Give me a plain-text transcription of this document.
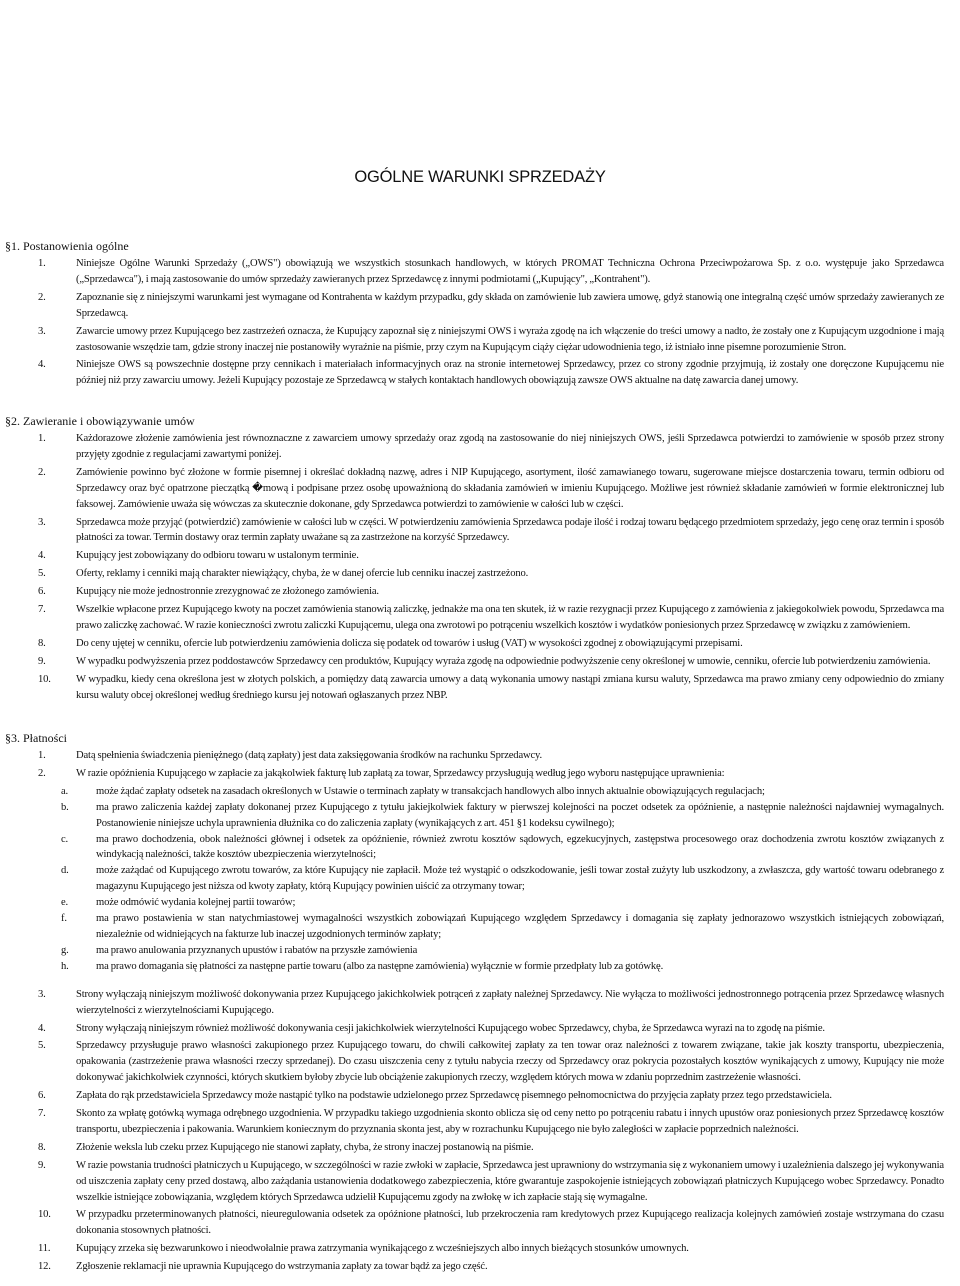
OGÓLNE WARUNKI SPRZEDAŻY
§1. Postanowienia ogólne
1.	Niniejsze Ogólne Warunki Sprzedaży („OWS") obowiązują we wszystkich stosunkach handlowych, w których PROMAT Techniczna Ochrona Przeciwpożarowa Sp. z o.o. występuje jako Sprzedawca („Sprzedawca"), i mają zastosowanie do umów sprzedaży zawieranych przez Sprzedawcę z innymi podmiotami („Kupujący", „Kontrahent").
2.	Zapoznanie się z niniejszymi warunkami jest wymagane od Kontrahenta w każdym przypadku, gdy składa on zamówienie lub zawiera umowę, gdyż stanowią one integralną część umów sprzedaży zawieranych ze Sprzedawcą.
3.	Zawarcie umowy przez Kupującego bez zastrzeżeń oznacza, że Kupujący zapoznał się z niniejszymi OWS i wyraża zgodę na ich włączenie do treści umowy a nadto, że zostały one z Kupującym uzgodnione i mają zastosowanie wszędzie tam, gdzie strony inaczej nie postanowiły wyraźnie na piśmie, przy czym na Kupującym ciąży ciężar udowodnienia tego, iż istniało inne pisemne porozumienie Stron.
4.	Niniejsze OWS są powszechnie dostępne przy cennikach i materiałach informacyjnych oraz na stronie internetowej Sprzedawcy, przez co strony zgodnie przyjmują, iż zostały one doręczone Kupującemu nie później niż przy zawarciu umowy. Jeżeli Kupujący pozostaje ze Sprzedawcą w stałych kontaktach handlowych obowiązują zawsze OWS aktualne na datę zawarcia danej umowy.
§2. Zawieranie i obowiązywanie umów
1.	Każdorazowe złożenie zamówienia jest równoznaczne z zawarciem umowy sprzedaży oraz zgodą na zastosowanie do niej niniejszych OWS, jeśli Sprzedawca potwierdzi to zamówienie w sposób przez strony przyjęty zgodnie z regulacjami zawartymi poniżej.
2.	Zamówienie powinno być złożone w formie pisemnej i określać dokładną nazwę, adres i NIP Kupującego, asortyment, ilość zamawianego towaru, sugerowane miejsce dostarczenia towaru, termin odbioru od Sprzedawcy oraz być opatrzone pieczątką �mową i podpisane przez osobę upoważnioną do składania zamówień w imieniu Kupującego. Możliwe jest również składanie zamówień w formie elektronicznej lub faksowej. Zamówienie uważa się wówczas za skutecznie dokonane, gdy Sprzedawca potwierdzi to zamówienie w całości lub w części.
3.	Sprzedawca może przyjąć (potwierdzić) zamówienie w całości lub w części. W potwierdzeniu zamówienia Sprzedawca podaje ilość i rodzaj towaru będącego przedmiotem sprzedaży, jego cenę oraz termin i sposób płatności za towar. Termin dostawy oraz termin zapłaty uważane są za zastrzeżone na korzyść Sprzedawcy.
4.	Kupujący jest zobowiązany do odbioru towaru w ustalonym terminie.
5.	Oferty, reklamy i cenniki mają charakter niewiążący, chyba, że w danej ofercie lub cenniku inaczej zastrzeżono.
6.	Kupujący nie może jednostronnie zrezygnować ze złożonego zamówienia.
7.	Wszelkie wpłacone przez Kupującego kwoty na poczet zamówienia stanowią zaliczkę, jednakże ma ona ten skutek, iż w razie rezygnacji przez Kupującego z zamówienia z jakiegokolwiek powodu, Sprzedawca ma prawo zaliczkę zachować. W razie konieczności zwrotu zaliczki Kupującemu, ulega ona zwrotowi po potrąceniu wszelkich kosztów i wydatków poniesionych przez Sprzedawcę w związku z zamówieniem.
8.	Do ceny ujętej w cenniku, ofercie lub potwierdzeniu zamówienia dolicza się podatek od towarów i usług (VAT) w wysokości zgodnej z obowiązującymi przepisami.
9.	W wypadku podwyższenia przez poddostawców Sprzedawcy cen produktów, Kupujący wyraża zgodę na odpowiednie podwyższenie ceny określonej w umowie, cenniku, ofercie lub potwierdzeniu zamówienia.
10. W wypadku, kiedy cena określona jest w złotych polskich, a pomiędzy datą zawarcia umowy a datą wykonania umowy nastąpi zmiana kursu waluty, Sprzedawca ma prawo zmiany ceny odpowiednio do zmiany kursu waluty obcej określonej według średniego kursu jej notowań ogłaszanych przez NBP.
§3. Płatności
1.	Datą spełnienia świadczenia pieniężnego (datą zapłaty) jest data zaksięgowania środków na rachunku Sprzedawcy.
2.	W razie opóźnienia Kupującego w zapłacie za jakąkolwiek fakturę lub zapłatą za towar, Sprzedawcy przysługują według jego wyboru następujące uprawnienia:
a.	może żądać zapłaty odsetek na zasadach określonych w Ustawie o terminach zapłaty w transakcjach handlowych albo innych aktualnie obowiązujących regulacjach;
b.	ma prawo zaliczenia każdej zapłaty dokonanej przez Kupującego z tytułu jakiejkolwiek faktury w pierwszej kolejności na poczet odsetek za opóźnienie, a następnie należności najdawniej wymagalnych. Postanowienie niniejsze uchyla uprawnienia dłużnika co do zaliczenia zapłaty (wynikających z art. 451 §1 kodeksu cywilnego);
c.	ma prawo dochodzenia, obok należności głównej i odsetek za opóźnienie, również zwrotu kosztów sądowych, egzekucyjnych, zastępstwa procesowego oraz dochodzenia zwrotu kosztów związanych z windykacją należności, także kosztów ubezpieczenia wierzytelności;
d.	może zażądać od Kupującego zwrotu towarów, za które Kupujący nie zapłacił. Może też wystąpić o odszkodowanie, jeśli towar został zużyty lub uszkodzony, a zwłaszcza, gdy wartość towaru odebranego z magazynu Kupującego jest niższa od kwoty zapłaty, którą Kupujący powinien uiścić za otrzymany towar;
e.	może odmówić wydania kolejnej partii towarów;
f.	ma prawo postawienia w stan natychmiastowej wymagalności wszystkich zobowiązań Kupującego względem Sprzedawcy i domagania się zapłaty jednorazowo wszystkich istniejących zobowiązań, niezależnie od widniejących na fakturze lub inaczej uzgodnionych terminów zapłaty;
g.	ma prawo anulowania przyznanych upustów i rabatów na przyszłe zamówienia
h.	ma prawo domagania się płatności za następne partie towaru (albo za następne zamówienia) wyłącznie w formie przedpłaty lub za gotówkę.
3.	Strony wyłączają niniejszym możliwość dokonywania przez Kupującego jakichkolwiek potrąceń z zapłaty należnej Sprzedawcy. Nie wyłącza to możliwości jednostronnego potrącenia przez Sprzedawcę własnych wierzytelności z wierzytelnościami Kupującego.
4.	Strony wyłączają niniejszym również możliwość dokonywania cesji jakichkolwiek wierzytelności Kupującego wobec Sprzedawcy, chyba, że Sprzedawca wyrazi na to zgodę na piśmie.
5.	Sprzedawcy przysługuje prawo własności zakupionego przez Kupującego towaru, do chwili całkowitej zapłaty za ten towar oraz należności z towarem związane, takie jak koszty transportu, ubezpieczenia, opakowania (zastrzeżenie prawa własności rzeczy sprzedanej). Do czasu uiszczenia ceny z tytułu nabycia rzeczy od Sprzedawcy oraz pokrycia pozostałych kosztów wynikających z umowy, Kupujący nie może dokonywać jakichkolwiek czynności, których skutkiem byłoby zbycie lub obciążenie zakupionych rzeczy, względem których mowa w zdaniu poprzednim zastrzeżenie własności.
6.	Zapłata do rąk przedstawiciela Sprzedawcy może nastąpić tylko na podstawie udzielonego przez Sprzedawcę pisemnego pełnomocnictwa do przyjęcia zapłaty przez tego przedstawiciela.
7.	Skonto za wpłatę gotówką wymaga odrębnego uzgodnienia. W przypadku takiego uzgodnienia skonto oblicza się od ceny netto po potrąceniu rabatu i innych upustów oraz poniesionych przez Sprzedawcę kosztów transportu, ubezpieczenia i pakowania. Warunkiem koniecznym do przyznania skonta jest, aby w rozrachunku Kupującego nie było zaległości w zapłacie poprzednich należności.
8.	Złożenie weksla lub czeku przez Kupującego nie stanowi zapłaty, chyba, że strony inaczej postanowią na piśmie.
9.	W razie powstania trudności płatniczych u Kupującego, w szczególności w razie zwłoki w zapłacie, Sprzedawca jest uprawniony do wstrzymania się z wykonaniem umowy i uzależnienia dalszego jej wykonywania od uiszczenia zapłaty ceny przed dostawą, albo zażądania ustanowienia dodatkowego zabezpieczenia, które gwarantuje zaspokojenie istniejących zobowiązań płatniczych Kupującego wobec Sprzedawcy. Ponadto wszelkie istniejące zobowiązania, względem których Sprzedawca udzielił Kupującemu zgody na zwłokę w ich zapłacie stają się wymagalne.
10. W przypadku przeterminowanych płatności, nieuregulowania odsetek za opóźnione płatności, lub przekroczenia ram kredytowych przez Kupującego realizacja kolejnych zamówień zostaje wstrzymana do czasu dokonania stosownych płatności.
11. Kupujący zrzeka się bezwarunkowo i nieodwołalnie prawa zatrzymania wynikającego z wcześniejszych albo innych bieżących stosunków umownych.
12. Zgłoszenie reklamacji nie uprawnia Kupującego do wstrzymania zapłaty za towar bądź za jego część.
